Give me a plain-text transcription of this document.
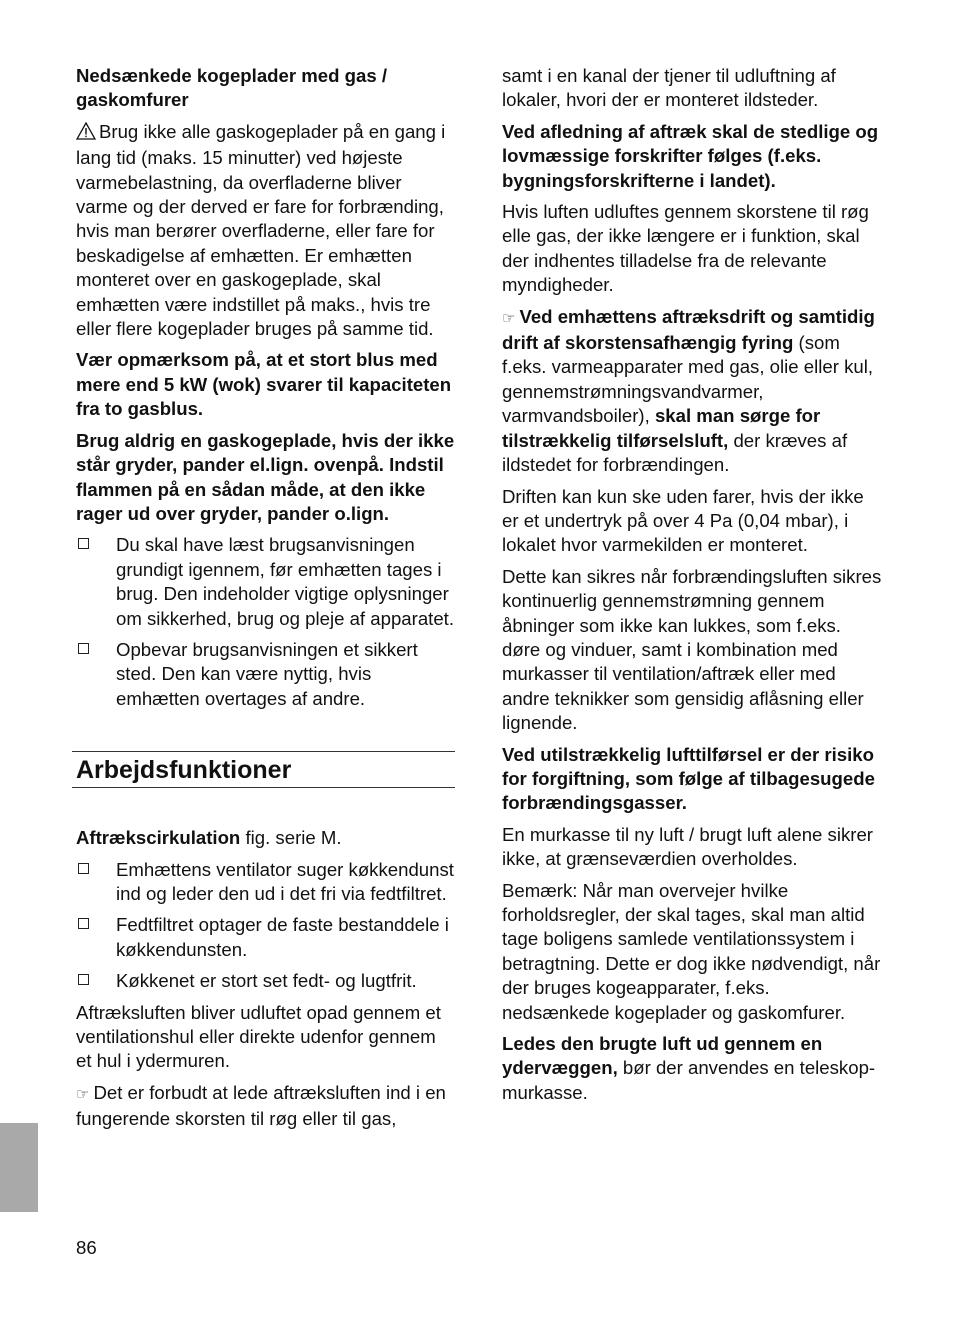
Nedsænkede kogeplader med gas / gaskomfurer

Brug ikke alle gaskogeplader på en gang i lang tid (maks. 15 minutter) ved højeste varmebelastning, da overfladerne bliver varme og der derved er fare for forbrænding, hvis man berører overfladerne, eller fare for beskadigelse af emhætten. Er emhætten monteret over en gaskogeplade, skal emhætten være indstillet på maks., hvis tre eller flere kogeplader bruges på samme tid.

Vær opmærksom på, at et stort blus med mere end 5 kW (wok) svarer til kapaciteten fra to gasblus.

Brug aldrig en gaskogeplade, hvis der ikke står gryder, pander el.lign. ovenpå. Indstil flammen på en sådan måde, at den ikke rager ud over gryder, pander o.lign.

Du skal have læst brugsanvisningen grundigt igennem, før emhætten tages i brug. Den indeholder vigtige oplysninger om sikkerhed, brug og pleje af apparatet.
Opbevar brugsanvisningen et sikkert sted. Den kan være nyttig, hvis emhætten overtages af andre.
Arbejdsfunktioner

Aftrækscirkulation fig. serie M.

Emhættens ventilator suger køkkendunst ind og leder den ud i det fri via fedtfiltret.
Fedtfiltret optager de faste bestanddele i køkkendunsten.
Køkkenet er stort set fedt- og lugtfrit.

Aftræksluften bliver udluftet opad gennem et ventilationshul eller direkte udenfor gennem et hul i ydermuren.

☞ Det er forbudt at lede aftræksluften ind i en fungerende skorsten til røg eller til gas,

samt i en kanal der tjener til udluftning af lokaler, hvori der er monteret ildsteder.

Ved afledning af aftræk skal de stedlige og lovmæssige forskrifter følges (f.eks. bygningsforskrifterne i landet).

Hvis luften udluftes gennem skorstene til røg elle gas, der ikke længere er i funktion, skal der indhentes tilladelse fra de relevante myndigheder.

☞ Ved emhættens aftræksdrift og samtidig drift af skorstensafhængig fyring (som f.eks. varmeapparater med gas, olie eller kul, gennemstrømningsvandvarmer, varmvandsboiler), skal man sørge for tilstrækkelig tilførselsluft, der kræves af ildstedet for forbrændingen.

Driften kan kun ske uden farer, hvis der ikke er et undertryk på over 4 Pa (0,04 mbar), i lokalet hvor varmekilden er monteret.

Dette kan sikres når forbrændingsluften sikres kontinuerlig gennemstrømning gennem åbninger som ikke kan lukkes, som f.eks. døre og vinduer, samt i kombination med murkasser til ventilation/aftræk eller med andre teknikker som gensidig aflåsning eller lignende.

Ved utilstrækkelig lufttilførsel er der risiko for forgiftning, som følge af tilbagesugede forbrændingsgasser.

En murkasse til ny luft / brugt luft alene sikrer ikke, at grænseværdien overholdes.

Bemærk: Når man overvejer hvilke forholdsregler, der skal tages, skal man altid tage boligens samlede ventilationssystem i betragtning. Dette er dog ikke nødvendigt, når der bruges kogeapparater, f.eks. nedsænkede kogeplader og gaskomfurer.

Ledes den brugte luft ud gennem en ydervæggen, bør der anvendes en teleskop-murkasse.

86
